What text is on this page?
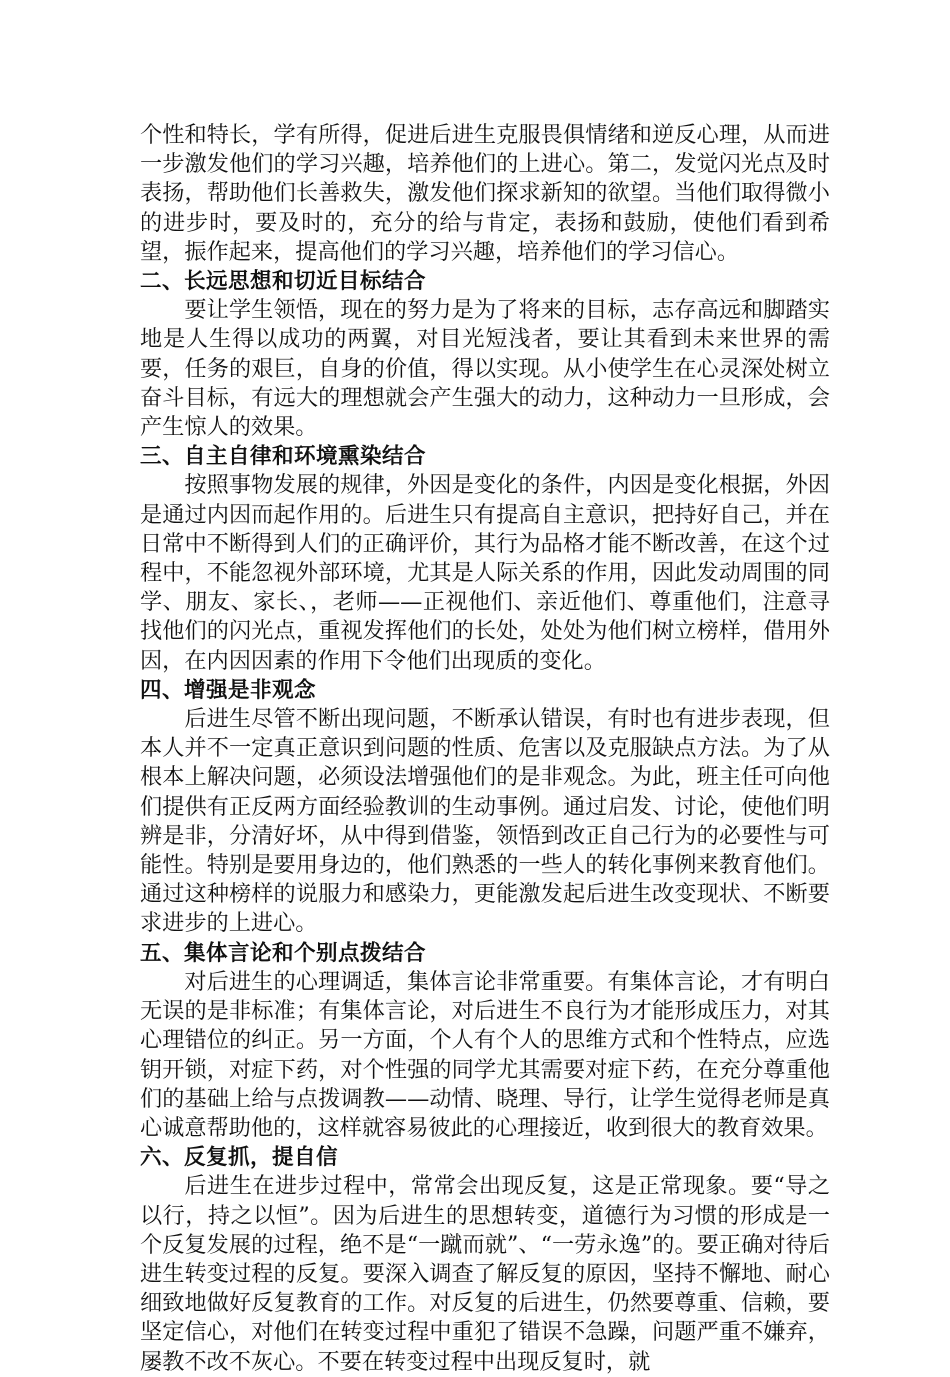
个性和特长，学有所得，促进后进生克服畏俱情绪和逆反心理，从而进一步激发他们的学习兴趣，培养他们的上进心。第二，发觉闪光点及时表扬，帮助他们长善救失，激发他们探求新知的欲望。当他们取得微小的进步时，要及时的，充分的给与肯定，表扬和鼓励，使他们看到希望，振作起来，提高他们的学习兴趣，培养他们的学习信心。

二、长远思想和切近目标结合

要让学生领悟，现在的努力是为了将来的目标，志存高远和脚踏实地是人生得以成功的两翼，对目光短浅者，要让其看到未来世界的需要，任务的艰巨，自身的价值，得以实现。从小使学生在心灵深处树立奋斗目标，有远大的理想就会产生强大的动力，这种动力一旦形成，会产生惊人的效果。

三、自主自律和环境熏染结合

按照事物发展的规律，外因是变化的条件，内因是变化根据，外因是通过内因而起作用的。后进生只有提高自主意识，把持好自己，并在日常中不断得到人们的正确评价，其行为品格才能不断改善，在这个过程中，不能忽视外部环境，尤其是人际关系的作用，因此发动周围的同学、朋友、家长、，老师——正视他们、亲近他们、尊重他们，注意寻找他们的闪光点，重视发挥他们的长处，处处为他们树立榜样，借用外因，在内因因素的作用下令他们出现质的变化。

四、增强是非观念

后进生尽管不断出现问题，不断承认错误，有时也有进步表现，但本人并不一定真正意识到问题的性质、危害以及克服缺点方法。为了从根本上解决问题，必须设法增强他们的是非观念。为此，班主任可向他们提供有正反两方面经验教训的生动事例。通过启发、讨论，使他们明辨是非，分清好坏，从中得到借鉴，领悟到改正自己行为的必要性与可能性。特别是要用身边的，他们熟悉的一些人的转化事例来教育他们。通过这种榜样的说服力和感染力，更能激发起后进生改变现状、不断要求进步的上进心。

五、集体言论和个别点拨结合

对后进生的心理调适，集体言论非常重要。有集体言论，才有明白无误的是非标准；有集体言论，对后进生不良行为才能形成压力，对其心理错位的纠正。另一方面，个人有个人的思维方式和个性特点，应选钥开锁，对症下药，对个性强的同学尤其需要对症下药，在充分尊重他们的基础上给与点拨调教——动情、晓理、导行，让学生觉得老师是真心诚意帮助他的，这样就容易彼此的心理接近，收到很大的教育效果。

六、反复抓，提自信

后进生在进步过程中，常常会出现反复，这是正常现象。要“导之以行，持之以恒”。因为后进生的思想转变，道德行为习惯的形成是一个反复发展的过程，绝不是“一蹴而就”、“一劳永逸”的。要正确对待后进生转变过程的反复。要深入调查了解反复的原因，坚持不懈地、耐心细致地做好反复教育的工作。对反复的后进生，仍然要尊重、信赖，要坚定信心，对他们在转变过程中重犯了错误不急躁，问题严重不嫌弃，屡教不改不灰心。不要在转变过程中出现反复时，就
